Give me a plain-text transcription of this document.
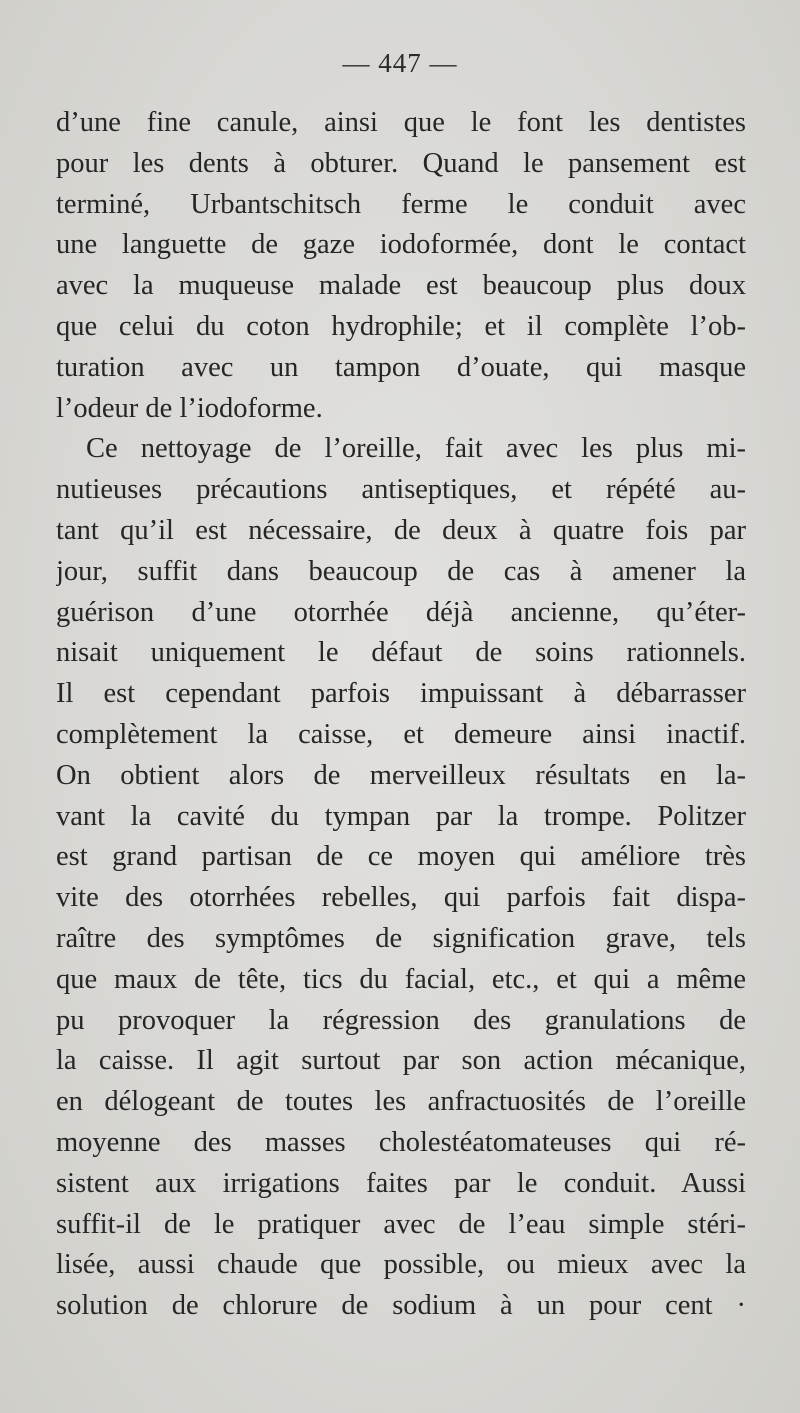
— 447 —
d’une fine canule, ainsi que le font les dentistes
pour les dents à obturer. Quand le pansement est
terminé, Urbantschitsch ferme le conduit avec
une languette de gaze iodoformée, dont le contact
avec la muqueuse malade est beaucoup plus doux
que celui du coton hydrophile; et il complète l’ob-
turation avec un tampon d’ouate, qui masque
l’odeur de l’iodoforme.
Ce nettoyage de l’oreille, fait avec les plus mi-
nutieuses précautions antiseptiques, et répété au-
tant qu’il est nécessaire, de deux à quatre fois par
jour, suffit dans beaucoup de cas à amener la
guérison d’une otorrhée déjà ancienne, qu’éter-
nisait uniquement le défaut de soins rationnels.
Il est cependant parfois impuissant à débarrasser
complètement la caisse, et demeure ainsi inactif.
On obtient alors de merveilleux résultats en la-
vant la cavité du tympan par la trompe. Politzer
est grand partisan de ce moyen qui améliore très
vite des otorrhées rebelles, qui parfois fait dispa-
raître des symptômes de signification grave, tels
que maux de tête, tics du facial, etc., et qui a même
pu provoquer la régression des granulations de
la caisse. Il agit surtout par son action mécanique,
en délogeant de toutes les anfractuosités de l’oreille
moyenne des masses cholestéatomateuses qui ré-
sistent aux irrigations faites par le conduit. Aussi
suffit-il de le pratiquer avec de l’eau simple stéri-
lisée, aussi chaude que possible, ou mieux avec la
solution de chlorure de sodium à un pour cent ·
